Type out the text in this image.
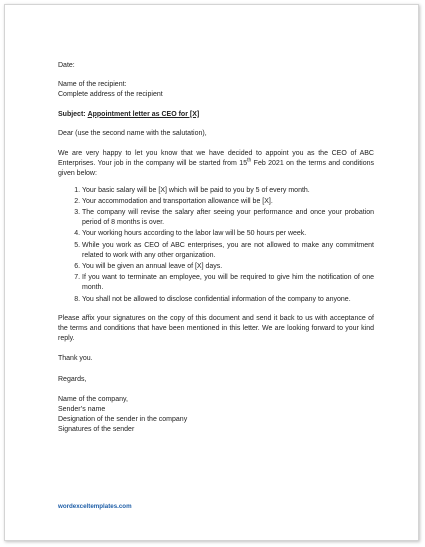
Date:

Name of the recipient:

Complete address of the recipient

Subject: Appointment letter as CEO for [X]

Dear (use the second name with the salutation),

We are very happy to let you know that we have decided to appoint you as the CEO of ABC Enterprises. Your job in the company will be started from 15th Feb 2021 on the terms and conditions given below:

1. Your basic salary will be [X] which will be paid to you by 5 of every month.
2. Your accommodation and transportation allowance will be [X].
3. The company will revise the salary after seeing your performance and once your probation period of 8 months is over.
4. Your working hours according to the labor law will be 50 hours per week.
5. While you work as CEO of ABC enterprises, you are not allowed to make any commitment related to work with any other organization.
6. You will be given an annual leave of [X] days.
7. If you want to terminate an employee, you will be required to give him the notification of one month.
8. You shall not be allowed to disclose confidential information of the company to anyone.

Please affix your signatures on the copy of this document and send it back to us with acceptance of the terms and conditions that have been mentioned in this letter. We are looking forward to your kind reply.

Thank you.

Regards,

Name of the company,

Sender’s name

Designation of the sender in the company

Signatures of the sender

wordexceltemplates.com
